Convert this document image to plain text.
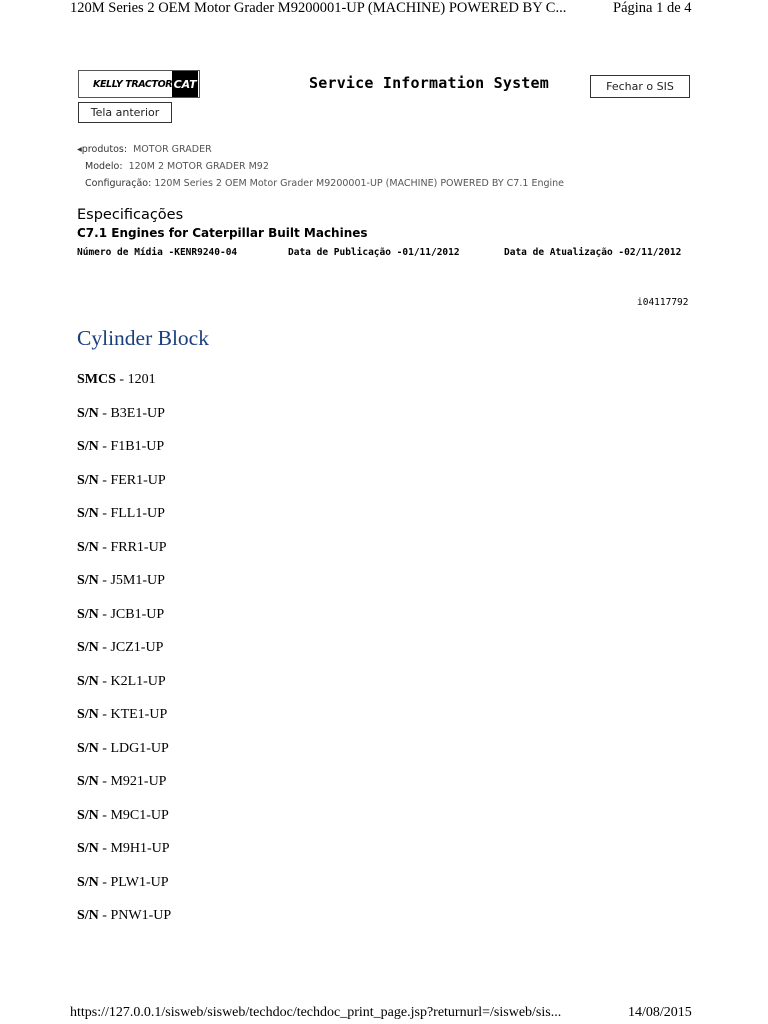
120M Series 2 OEM Motor Grader M9200001-UP (MACHINE) POWERED BY C...	Página 1 de 4
KELLY TRACTOR CAT	Service Information System	Fechar o SIS
Tela anterior
◂produtos: MOTOR GRADER
Modelo: 120M 2 MOTOR GRADER M92
Configuração: 120M Series 2 OEM Motor Grader M9200001-UP (MACHINE) POWERED BY C7.1 Engine
Especificações
C7.1 Engines for Caterpillar Built Machines
Número de Mídia -KENR9240-04	Data de Publicação -01/11/2012	Data de Atualização -02/11/2012
i04117792
Cylinder Block
SMCS - 1201
S/N - B3E1-UP
S/N - F1B1-UP
S/N - FER1-UP
S/N - FLL1-UP
S/N - FRR1-UP
S/N - J5M1-UP
S/N - JCB1-UP
S/N - JCZ1-UP
S/N - K2L1-UP
S/N - KTE1-UP
S/N - LDG1-UP
S/N - M921-UP
S/N - M9C1-UP
S/N - M9H1-UP
S/N - PLW1-UP
S/N - PNW1-UP
https://127.0.0.1/sisweb/sisweb/techdoc/techdoc_print_page.jsp?returnurl=/sisweb/sis...	14/08/2015
